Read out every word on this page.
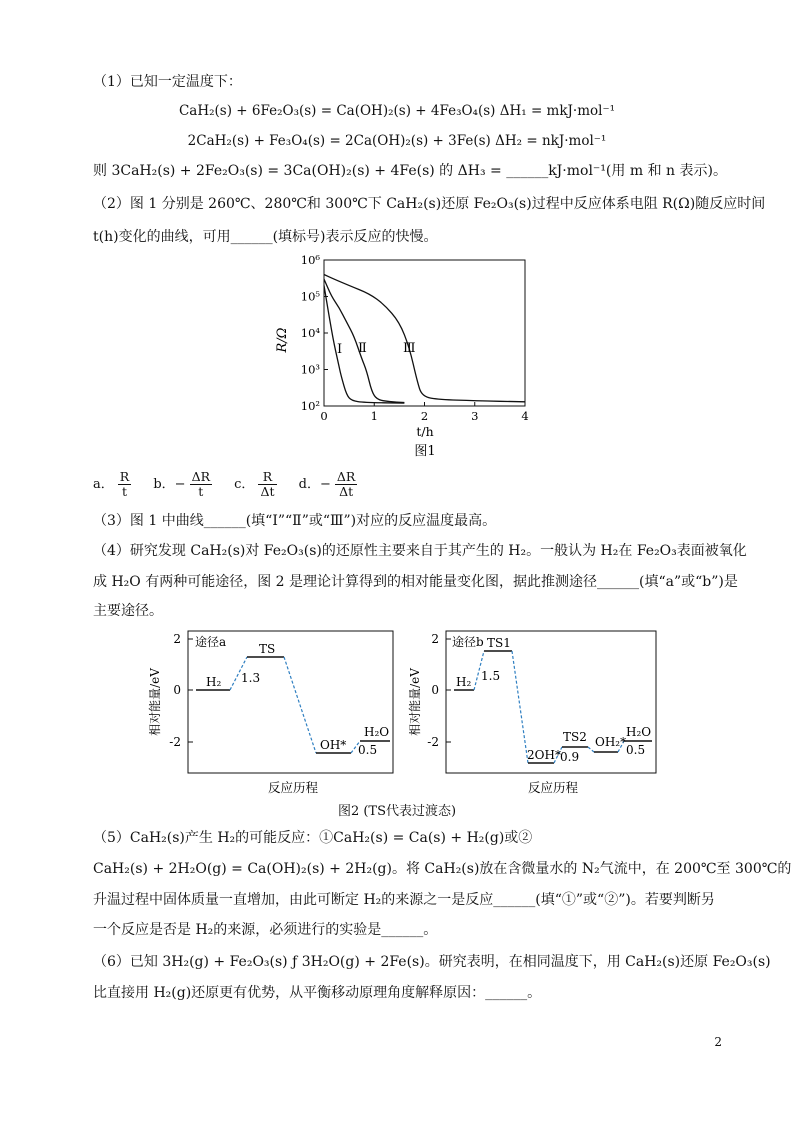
（1）已知一定温度下：
CaH₂(s) + 6Fe₂O₃(s) = Ca(OH)₂(s) + 4Fe₃O₄(s) ΔH₁ = mkJ·mol⁻¹
2CaH₂(s) + Fe₃O₄(s) = 2Ca(OH)₂(s) + 3Fe(s) ΔH₂ = nkJ·mol⁻¹
则 3CaH₂(s) + 2Fe₂O₃(s) = 3Ca(OH)₂(s) + 4Fe(s) 的 ΔH₃ = ______kJ·mol⁻¹(用 m 和 n 表示)。
（2）图 1 分别是 260℃、280℃和 300℃下 CaH₂(s)还原 Fe₂O₃(s)过程中反应体系电阻 R(Ω)随反应时间
t(h)变化的曲线，可用______(填标号)表示反应的快慢。
10²
10³
10⁴
10⁵
10⁶
0	1	2	3	4
R/Ω
t/h
图1
Ⅰ Ⅱ	Ⅲ
a． $\frac{R}{t}$ b．− $\frac{\Delta R}{t}$ c． $\frac{R}{\Delta t}$ d．− $\frac{\Delta R}{\Delta t}$
（3）图 1 中曲线______(填“Ⅰ”“Ⅱ”或“Ⅲ”)对应的反应温度最高。
（4）研究发现 CaH₂(s)对 Fe₂O₃(s)的还原性主要来自于其产生的 H₂。一般认为 H₂在 Fe₂O₃表面被氧化
成 H₂O 有两种可能途径，图 2 是理论计算得到的相对能量变化图，据此推测途径______(填“a”或“b”)是
主要途径。
2
0
-2
相对能量/eV
途径a
H₂
TS
1.3
OH*
H₂O
0.5
反应历程
2
0
-2
相对能量/eV
途径b
H₂
TS1
1.5
2OH*
TS2
0.9
OH₂*
H₂O
0.5
反应历程
图2 (TS代表过渡态)
（5）CaH₂(s)产生 H₂的可能反应：①CaH₂(s) = Ca(s) + H₂(g)或②
CaH₂(s) + 2H₂O(g) = Ca(OH)₂(s) + 2H₂(g)。将 CaH₂(s)放在含微量水的 N₂气流中，在 200℃至 300℃的
升温过程中固体质量一直增加，由此可断定 H₂的来源之一是反应______(填“①”或“②”)。若要判断另
一个反应是否是 H₂的来源，必须进行的实验是______。
（6）已知 3H₂(g) + Fe₂O₃(s) ƒ 3H₂O(g) + 2Fe(s)。研究表明，在相同温度下，用 CaH₂(s)还原 Fe₂O₃(s)
比直接用 H₂(g)还原更有优势，从平衡移动原理角度解释原因：______。
2
